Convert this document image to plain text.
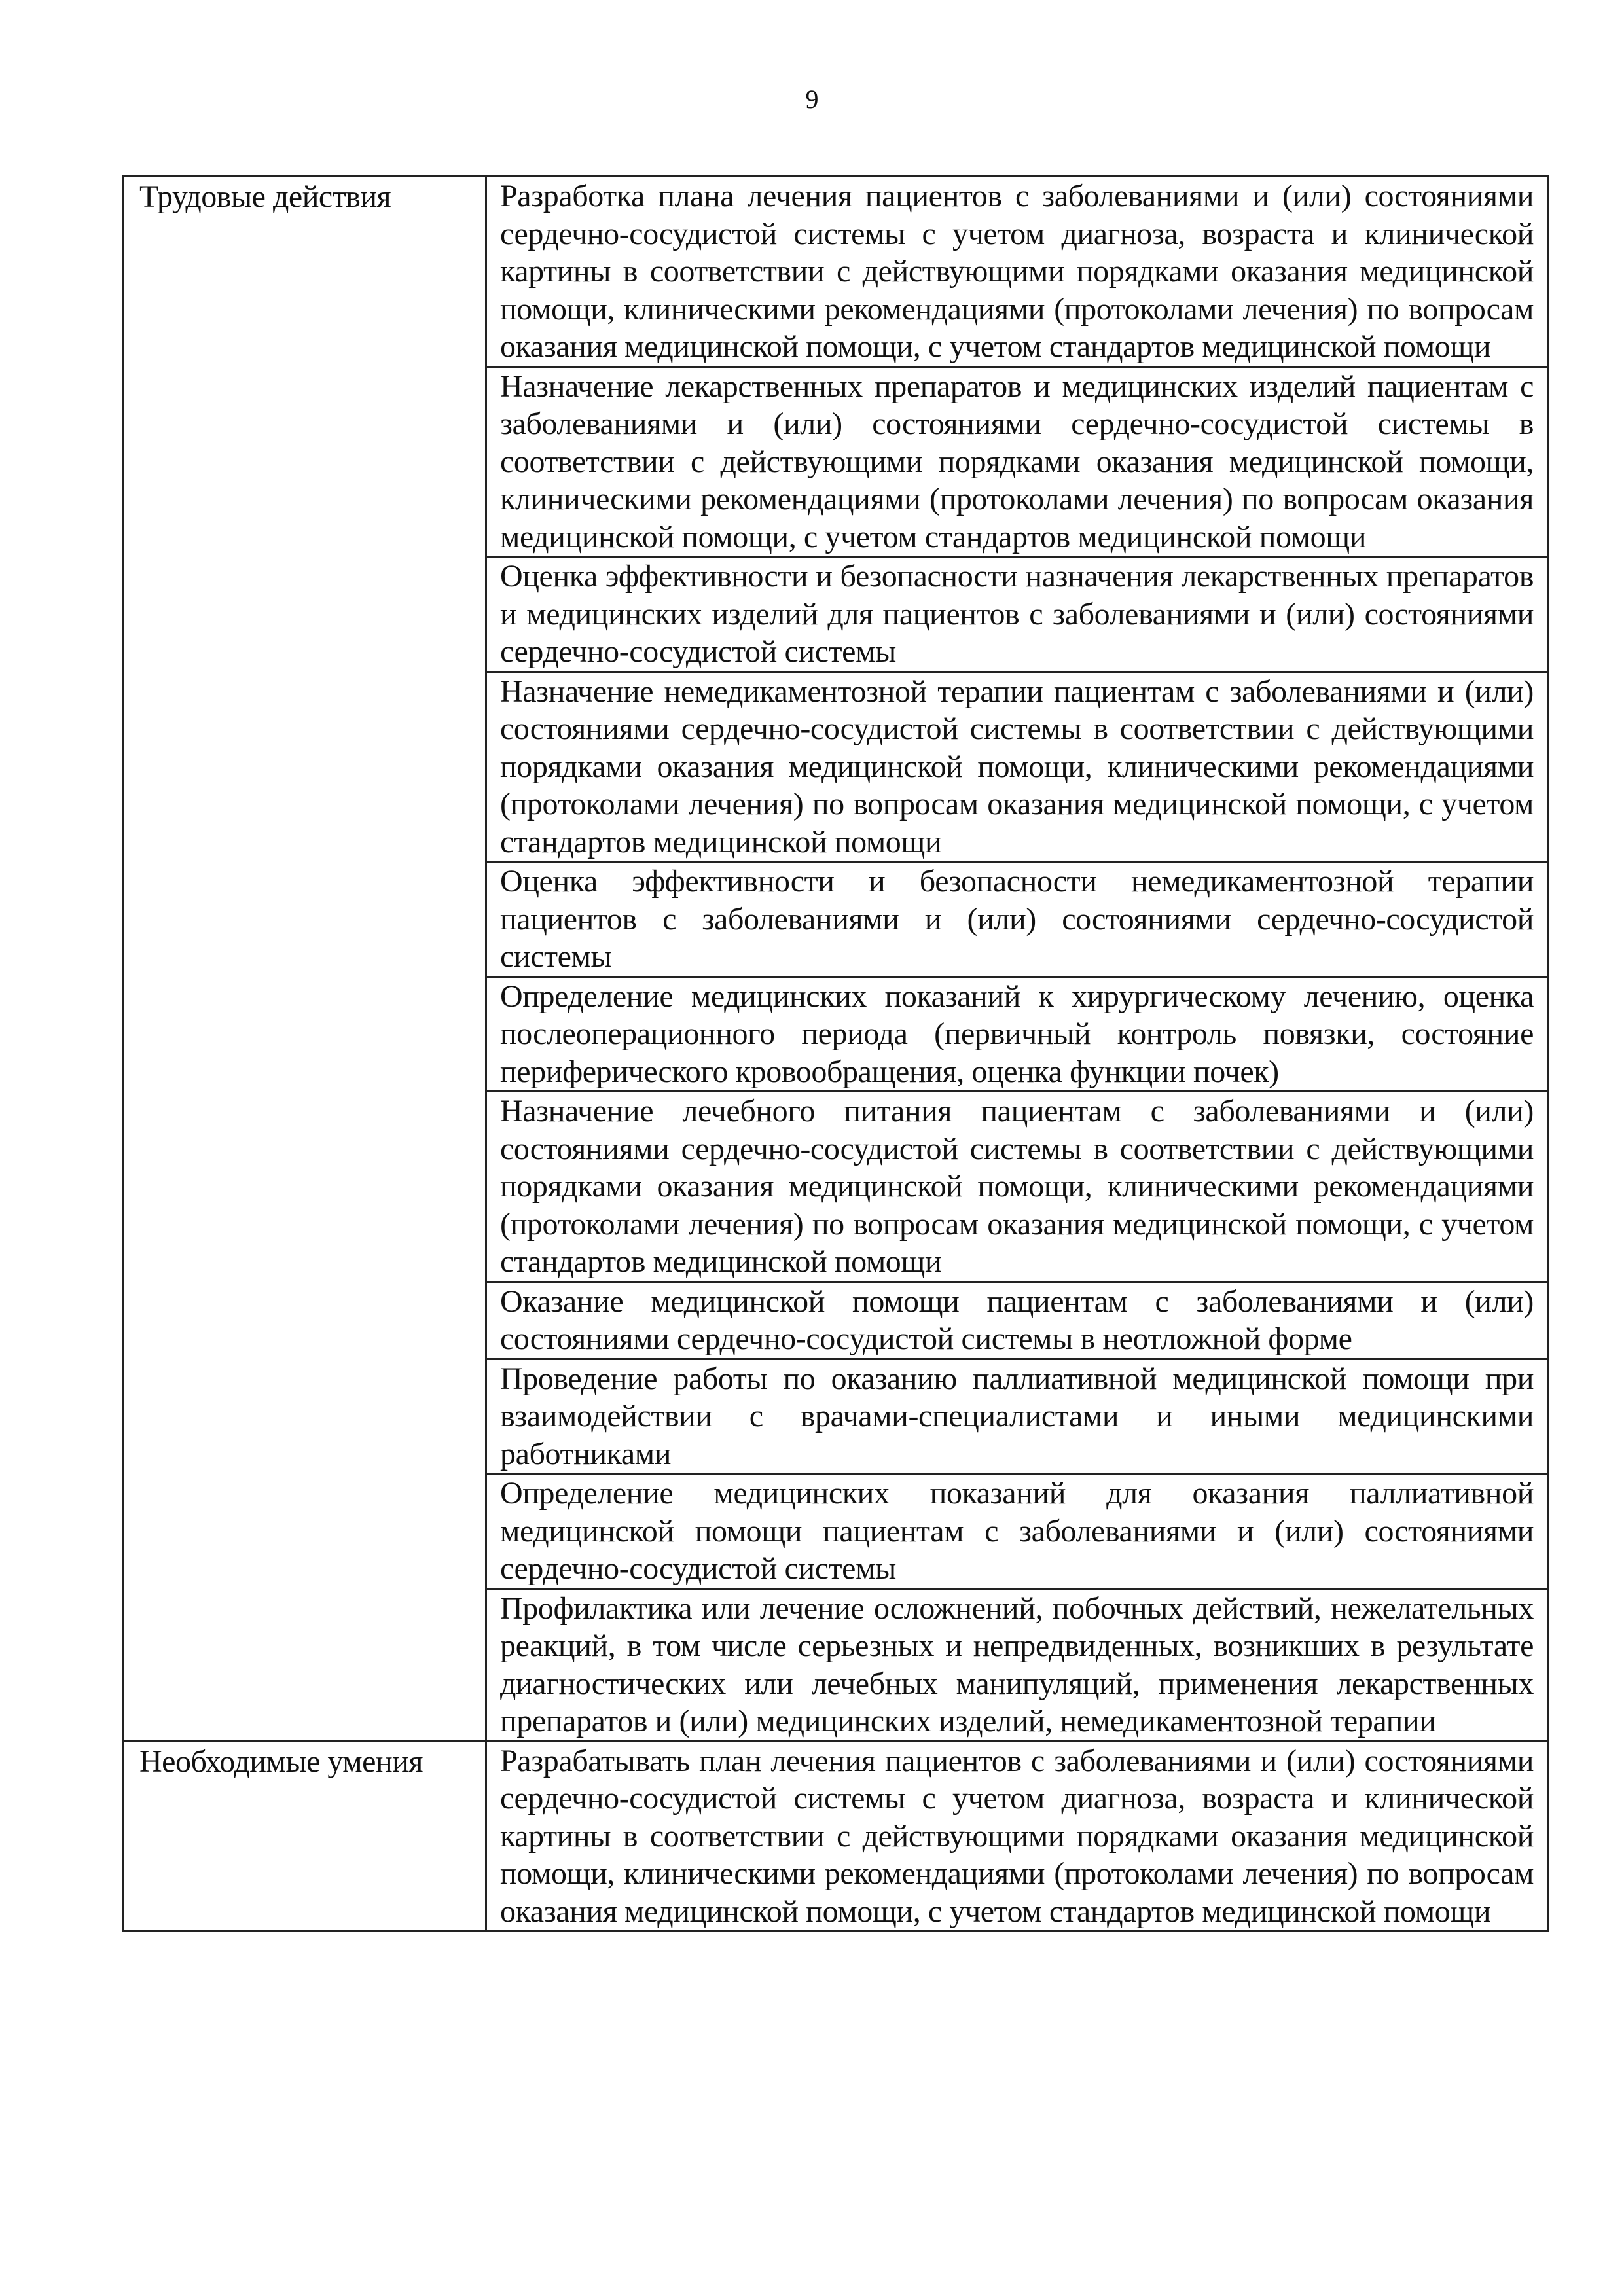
9
Трудовые действия	Разработка плана лечения пациентов с заболеваниями и (или) состояниями сердечно-сосудистой системы с учетом диагноза, возраста и клинической картины в соответствии с действующими порядками оказания медицинской помощи, клиническими рекомендациями (протоколами лечения) по вопросам оказания медицинской помощи, с учетом стандартов медицинской помощи
	Назначение лекарственных препаратов и медицинских изделий пациентам с заболеваниями и (или) состояниями сердечно-сосудистой системы в соответствии с действующими порядками оказания медицинской помощи, клиническими рекомендациями (протоколами лечения) по вопросам оказания медицинской помощи, с учетом стандартов медицинской помощи
	Оценка эффективности и безопасности назначения лекарственных препаратов и медицинских изделий для пациентов с заболеваниями и (или) состояниями сердечно-сосудистой системы
	Назначение немедикаментозной терапии пациентам с заболеваниями и (или) состояниями сердечно-сосудистой системы в соответствии с действующими порядками оказания медицинской помощи, клиническими рекомендациями (протоколами лечения) по вопросам оказания медицинской помощи, с учетом стандартов медицинской помощи
	Оценка эффективности и безопасности немедикаментозной терапии пациентов с заболеваниями и (или) состояниями сердечно-сосудистой системы
	Определение медицинских показаний к хирургическому лечению, оценка послеоперационного периода (первичный контроль повязки, состояние периферического кровообращения, оценка функции почек)
	Назначение лечебного питания пациентам с заболеваниями и (или) состояниями сердечно-сосудистой системы в соответствии с действующими порядками оказания медицинской помощи, клиническими рекомендациями (протоколами лечения) по вопросам оказания медицинской помощи, с учетом стандартов медицинской помощи
	Оказание медицинской помощи пациентам с заболеваниями и (или) состояниями сердечно-сосудистой системы в неотложной форме
	Проведение работы по оказанию паллиативной медицинской помощи при взаимодействии с врачами-специалистами и иными медицинскими работниками
	Определение медицинских показаний для оказания паллиативной медицинской помощи пациентам с заболеваниями и (или) состояниями сердечно-сосудистой системы
	Профилактика или лечение осложнений, побочных действий, нежелательных реакций, в том числе серьезных и непредвиденных, возникших в результате диагностических или лечебных манипуляций, применения лекарственных препаратов и (или) медицинских изделий, немедикаментозной терапии
Необходимые умения	Разрабатывать план лечения пациентов с заболеваниями и (или) состояниями сердечно-сосудистой системы с учетом диагноза, возраста и клинической картины в соответствии с действующими порядками оказания медицинской помощи, клиническими рекомендациями (протоколами лечения) по вопросам оказания медицинской помощи, с учетом стандартов медицинской помощи
